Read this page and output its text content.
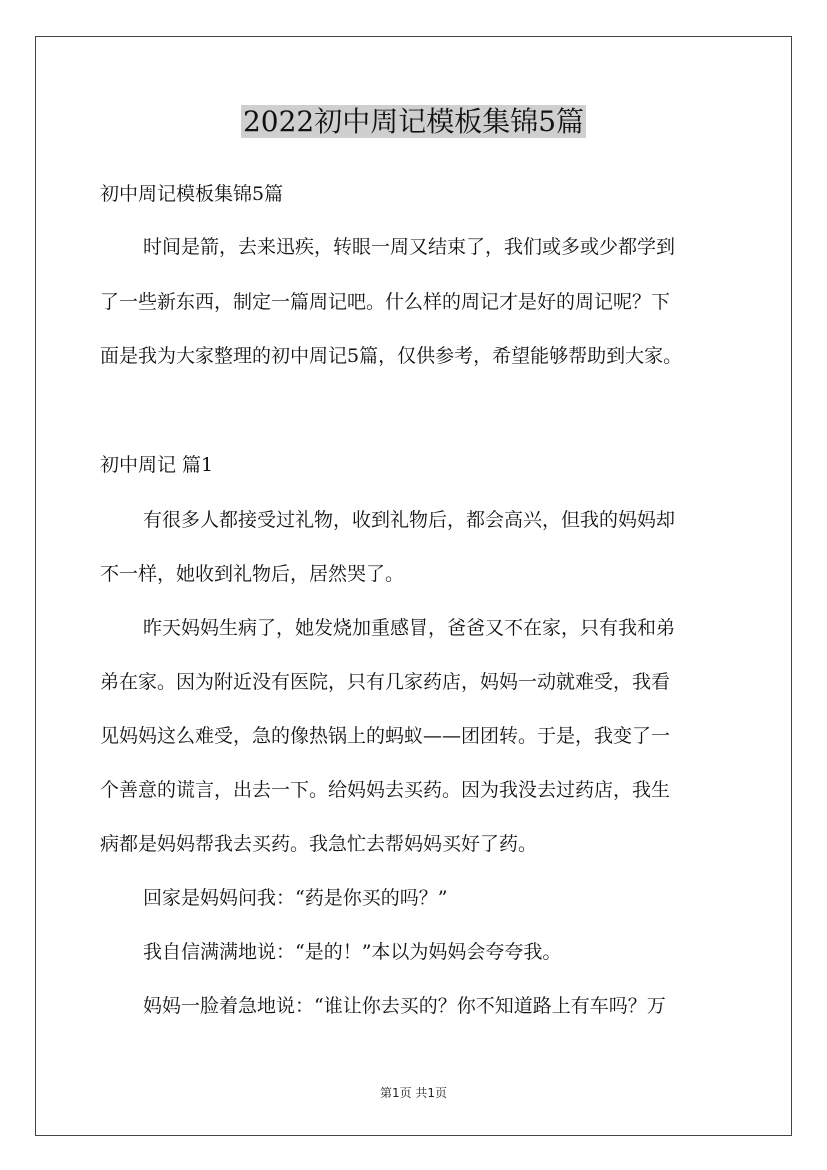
2022初中周记模板集锦5篇
初中周记模板集锦5篇
时间是箭，去来迅疾，转眼一周又结束了，我们或多或少都学到
了一些新东西，制定一篇周记吧。什么样的周记才是好的周记呢？下
面是我为大家整理的初中周记5篇，仅供参考，希望能够帮助到大家。
初中周记 篇1
有很多人都接受过礼物，收到礼物后，都会高兴，但我的妈妈却
不一样，她收到礼物后，居然哭了。
昨天妈妈生病了，她发烧加重感冒，爸爸又不在家，只有我和弟
弟在家。因为附近没有医院，只有几家药店，妈妈一动就难受，我看
见妈妈这么难受，急的像热锅上的蚂蚁——团团转。于是，我变了一
个善意的谎言，出去一下。给妈妈去买药。因为我没去过药店，我生
病都是妈妈帮我去买药。我急忙去帮妈妈买好了药。
回家是妈妈问我：“药是你买的吗？”
我自信满满地说：“是的！”本以为妈妈会夸夸我。
妈妈一脸着急地说：“谁让你去买的？你不知道路上有车吗？万
第1页 共1页
